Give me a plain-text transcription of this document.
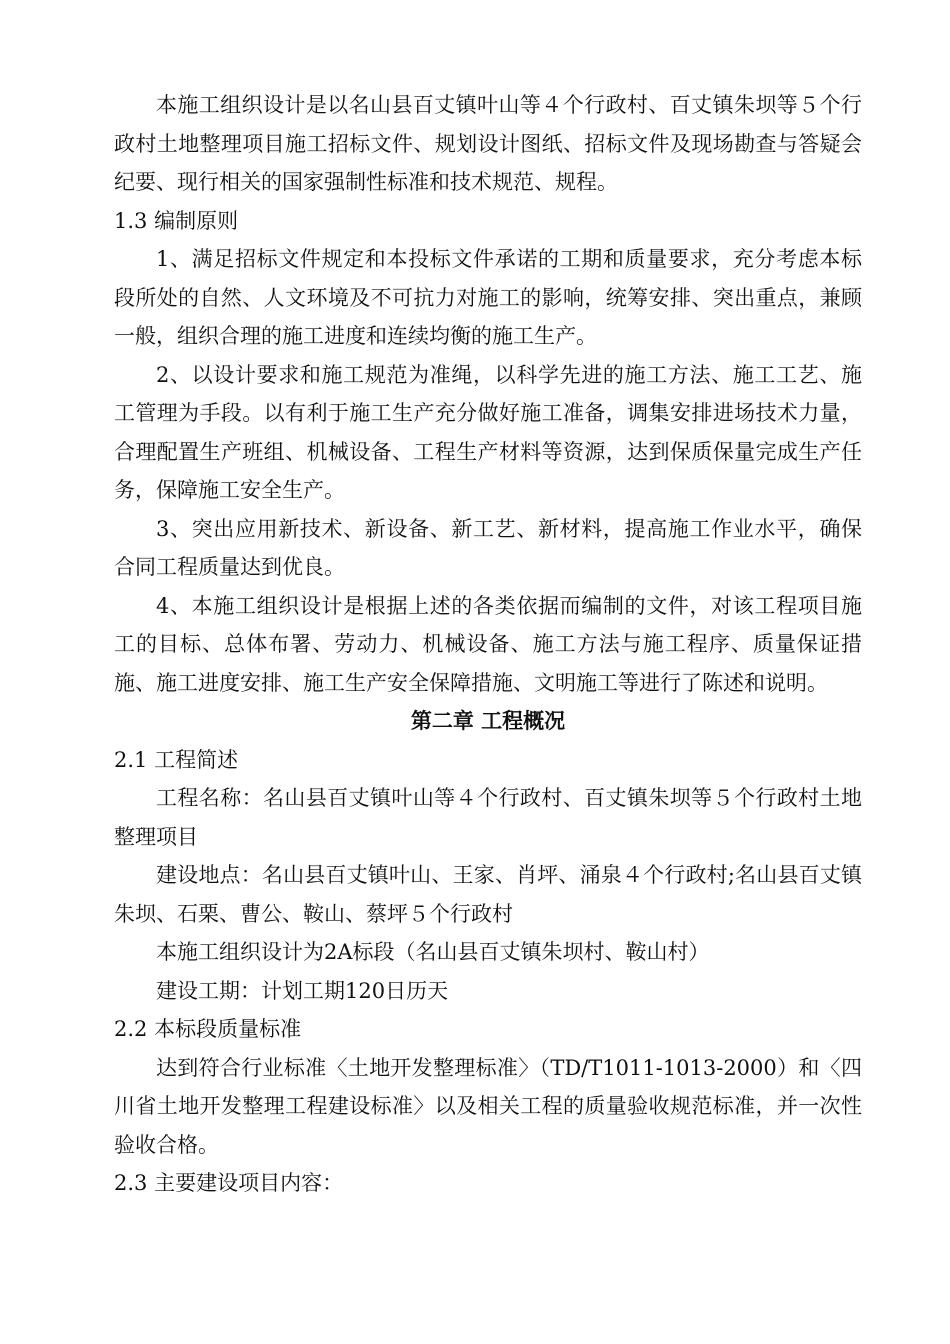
本施工组织设计是以名山县百丈镇叶山等４个行政村、百丈镇朱坝等５个行政村土地整理项目施工招标文件、规划设计图纸、招标文件及现场勘查与答疑会纪要、现行相关的国家强制性标准和技术规范、规程。

1.3 编制原则

1、满足招标文件规定和本投标文件承诺的工期和质量要求，充分考虑本标段所处的自然、人文环境及不可抗力对施工的影响，统筹安排、突出重点，兼顾一般，组织合理的施工进度和连续均衡的施工生产。

2、以设计要求和施工规范为准绳，以科学先进的施工方法、施工工艺、施工管理为手段。以有利于施工生产充分做好施工准备，调集安排进场技术力量，合理配置生产班组、机械设备、工程生产材料等资源，达到保质保量完成生产任务，保障施工安全生产。

3、突出应用新技术、新设备、新工艺、新材料，提高施工作业水平，确保合同工程质量达到优良。

4、本施工组织设计是根据上述的各类依据而编制的文件，对该工程项目施工的目标、总体布署、劳动力、机械设备、施工方法与施工程序、质量保证措施、施工进度安排、施工生产安全保障措施、文明施工等进行了陈述和说明。

第二章 工程概况

2.1 工程简述

工程名称：名山县百丈镇叶山等４个行政村、百丈镇朱坝等５个行政村土地整理项目

建设地点：名山县百丈镇叶山、王家、肖坪、涌泉４个行政村;名山县百丈镇朱坝、石栗、曹公、鞍山、蔡坪５个行政村

本施工组织设计为2A标段（名山县百丈镇朱坝村、鞍山村）

建设工期：计划工期120日历天

2.2 本标段质量标准

达到符合行业标准〈土地开发整理标准〉（TD/T1011-1013-2000）和〈四川省土地开发整理工程建设标准〉以及相关工程的质量验收规范标准，并一次性验收合格。

2.3 主要建设项目内容：
